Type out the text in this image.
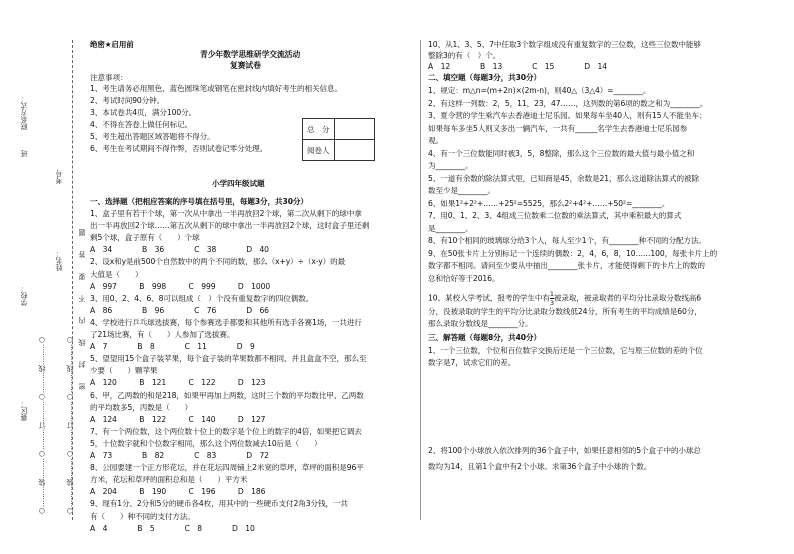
赛区：
学校：
班
联系方式：
○………装………○………订………○………线………○
姓名：
考号
○………装………○………订………○………线………○
密　封　线　内　不　要　答　题
绝密★启用前
青少年数学思维研学交流活动
复赛试卷
注意事项：
1、考生请务必用黑色、蓝色圆珠笔或钢笔在密封线内填好考生的相关信息。
2、考试时间90分钟。
3、本试卷共4页，满分100分。
4、不得在答卷上做任何标记。
5、考生超出答题区域答题将不得分。
6、考生在考试期间不得作弊，否则试卷记零分处理。
总　分	
阅卷人	
小学四年级试题
一、选择题（把相应答案的序号填在括号里，每题3分，共30分）
1、盒子里有若干个球，第一次从中拿出一半再放回2个球，第二次从剩下的球中拿
出一半再放回2个球……第五次从剩下的球中拿出一半再放回2个球，这时盒子里还剩
剩5个球，盒子原有（　　）个球
A　34　　　　B　36　　　　C　38　　　　D　40
2、设x和y是前500个自然数中的两个不同的数，那么（x+y）÷（x-y）的最
大值是（　　）
A　997　　　B　998　　　C　999　　　D　1000
3、用0、2、4、6、8可以组成（　）个没有重复数字的四位偶数。
A　86　　　　B　96　　　　C　76　　　　D　66
4、学校进行乒乓球选拔赛，每个参赛选手都要和其他所有选手各赛1场，一共进行
了21场比赛，有（　　）人参加了选拔赛。
A　7　　　　B　8　　　　C　11　　　　D　9
5、望望用15个盒子装苹果，每个盒子装的苹果数都不相同，并且盒盒不空，那么至
少要（　　）颗苹果
A　120　　　B　121　　　C　122　　　D　123
6、甲，乙两数的和是218，如果甲再加上两数，这时三个数的平均数比甲、乙两数
的平均数多5，丙数是（　　）
A　124　　　B　122　　　C　140　　　D　127
7、有一个两位数，这个两位数十位上的数字是个位上的数字的4倍，如果把它调去
5，十位数字就和个位数字相同，那么这个两位数减去10后是（　　）
A　73　　　　B　82　　　　C　83　　　　D　72
8、公园要建一个正方形花坛，并在花坛四周铺上2米宽的草坪，草坪的面积是96平
方米，花坛和草坪的面积总和是（　　）平方米
A　204　　　B　190　　　C　196　　　D　186
9、现有1分、2分和5分的硬币各4枚，用其中的一些硬币支付2角3分钱，一共
有（　　）种不同的支付方法。
A　4　　　　B　5　　　　C　8　　　　D　10
10、从1、3、5、7中任取3个数字组成没有重复数字的三位数，这些三位数中能够
整除3的有（　）个。
A　12　　　　B　13　　　　C　15　　　　D　14
二、填空题（每题3分，共30分）
1、规定：m△n=(m+2n)×(2m-n)，则40△（3△4）=________。
2、有这样一列数：2，5，11，23，47……，这列数的第6项的数之和为________。
3、夏令营的学生乘汽车去香港迪士尼乐园。如果每车坐40人，则有15人不能坐车；
如果每车多坐5人则又多出一辆汽车，一共有______名学生去香港迪士尼乐园参
观。
4、有一个三位数能同时被3，5，8整除，那么这个三位数的最大值与最小值之和
为________。
5、一道有余数的除法算式里，已知商是45，余数是21，那么这道除法算式的被除
数至少是________。
6、如果1²+2²+……+25²=5525，那么2²+4²+……+50²=________。
7、用0、1、2、3、4组成三位数乘二位数的乘法算式，其中乘积最大的算式
是________。
8、有10个相同的玻璃球分给3个人，每人至少1个，有________种不同的分配方法。
9、在50张卡片上分别标记一个连续的偶数：2，4，6，8，10……100，每张卡片上的
数字都不相同。请问至少要从中抽出________张卡片，才能使得剩下的卡片上的数的
总和恰好等于2016。
10、某校入学考试，报考的学生中有 $\frac{1}{3}$ 被录取，被录取者的平均分比录取分数线高6
分，没被录取的学生的平均分比录取分数线低24分，所有考生的平均成绩是60分，
那么录取分数线是________分。
三、解答题（每题8分，共40分）
1、一个三位数，个位和百位数字交换后还是一个三位数，它与原三位数的差的个位
数字是7，试求它们的差。
2、将100个小球放入依次排列的36个盒子中，如果任意相邻的5个盒子中的小球总
数均为14，且第1个盒中有2个小球。求第36个盒子中小球的个数。
